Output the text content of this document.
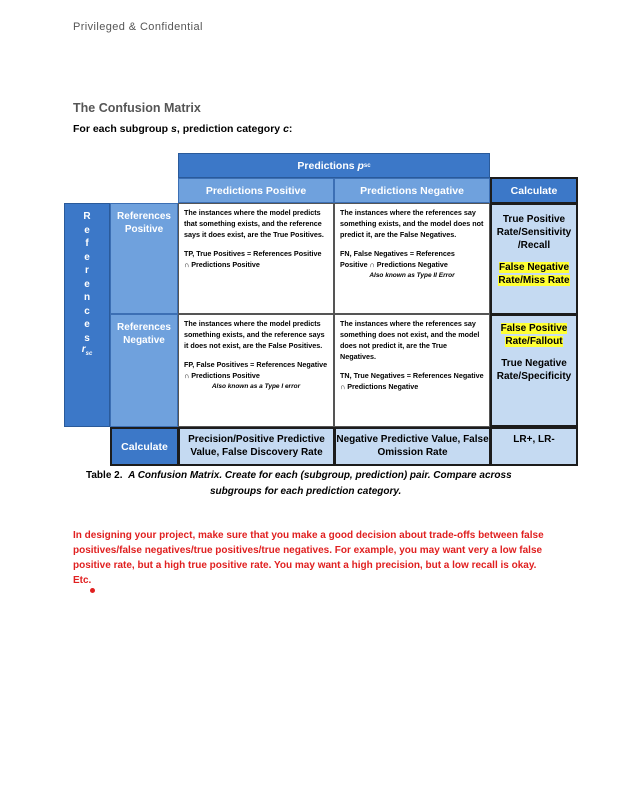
Privileged & Confidential
The Confusion Matrix
For each subgroup s, prediction category c:
Predictions
p sc
Predictions Positive	Predictions Negative	Calculate
R
e
f
e
r
e
n
c
e
s
$r_{sc}$
References Positive
References Negative

The instances where the model predicts that something exists, and the reference says it does exist, are the True Positives.

TP, True Positives = References Positive ∩ Predictions Positive

The instances where the references say something exists, and the model does not predict it, are the False Negatives.

FN, False Negatives = References Positive ∩ Predictions Negative

Also known as Type II Error

The instances where the model predicts something exists, and the reference says it does not exist, are the False Positives.

FP, False Positives = References Negative ∩ Predictions Positive

Also known as a Type I error

The instances where the references say something does not exist, and the model does not predict it, are the True Negatives.

TN, True Negatives = References Negative ∩ Predictions Negative

True Positive Rate/Sensitivity /Recall
False Negative Rate/Miss Rate
False Positive Rate/Fallout
True Negative Rate/Specificity
Calculate
Precision/Positive Predictive Value, False Discovery Rate
Negative Predictive Value, False Omission Rate
LR+, LR-
Table 2. A Confusion Matrix. Create for each (subgroup, prediction) pair. Compare across
subgroups for each prediction category.
In designing your project, make sure that you make a good decision about trade-offs between false positives/false negatives/true positives/true negatives. For example, you may want very a low false positive rate, but a high true positive rate. You may want a high precision, but a low recall is okay. Etc.
